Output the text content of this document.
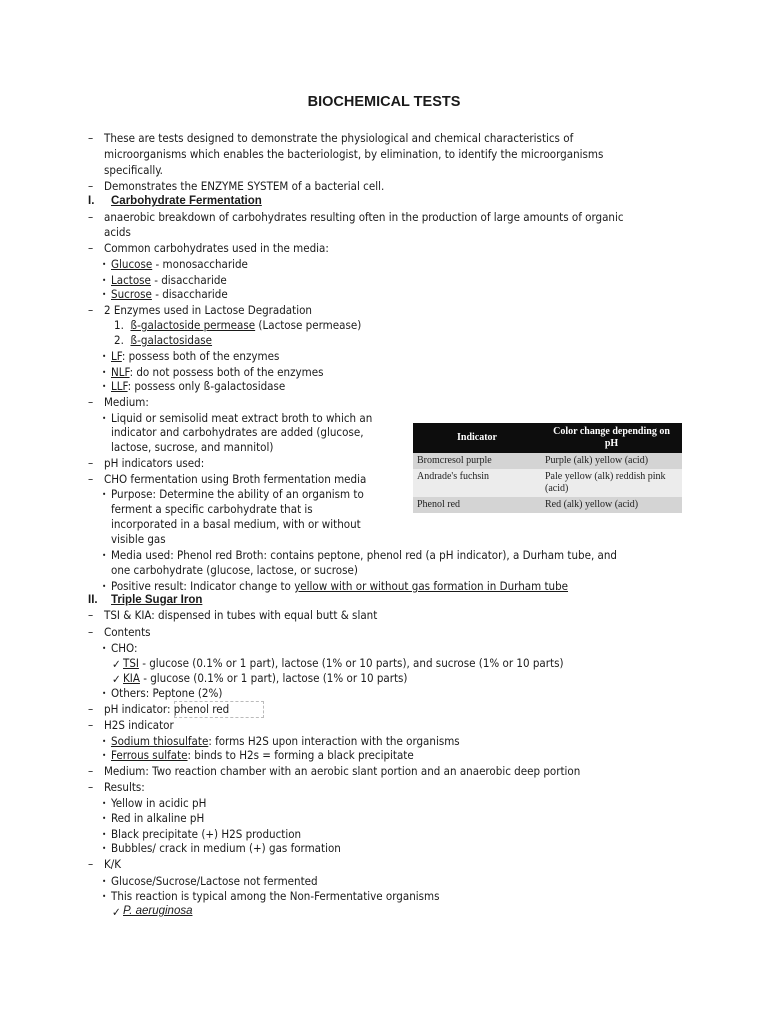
BIOCHEMICAL TESTS
– These are tests designed to demonstrate the physiological and chemical characteristics of
microorganisms which enables the bacteriologist, by elimination, to identify the microorganisms
specifically.
– Demonstrates the ENZYME SYSTEM of a bacterial cell.
I. Carbohydrate Fermentation
– anaerobic breakdown of carbohydrates resulting often in the production of large amounts of organic
acids
– Common carbohydrates used in the media:
• Glucose - monosaccharide
• Lactose - disaccharide
• Sucrose - disaccharide
– 2 Enzymes used in Lactose Degradation
1. ß-galactoside permease (Lactose permease)
2. ß-galactosidase
• LF: possess both of the enzymes
• NLF: do not possess both of the enzymes
• LLF: possess only ß-galactosidase
– Medium:
• Liquid or semisolid meat extract broth to which an
indicator and carbohydrates are added (glucose,
lactose, sucrose, and mannitol)
– pH indicators used:
– CHO fermentation using Broth fermentation media
• Purpose: Determine the ability of an organism to
ferment a specific carbohydrate that is
incorporated in a basal medium, with or without
visible gas
• Media used: Phenol red Broth: contains peptone, phenol red (a pH indicator), a Durham tube, and
one carbohydrate (glucose, lactose, or sucrose)
• Positive result: Indicator change to yellow with or without gas formation in Durham tube
Indicator	Color change depending on
pH
Bromcresol purple	Purple (alk) yellow (acid)
Andrade's fuchsin	Pale yellow (alk) reddish pink
(acid)
Phenol red	Red (alk) yellow (acid)
II. Triple Sugar Iron
– TSI & KIA: dispensed in tubes with equal butt & slant
– Contents
• CHO:
✓ TSI - glucose (0.1% or 1 part), lactose (1% or 10 parts), and sucrose (1% or 10 parts)
✓ KIA - glucose (0.1% or 1 part), lactose (1% or 10 parts)
• Others: Peptone (2%)
– pH indicator: phenol red
– H2S indicator
• Sodium thiosulfate: forms H2S upon interaction with the organisms
• Ferrous sulfate: binds to H2s = forming a black precipitate
– Medium: Two reaction chamber with an aerobic slant portion and an anaerobic deep portion
– Results:
• Yellow in acidic pH
• Red in alkaline pH
• Black precipitate (+) H2S production
• Bubbles/ crack in medium (+) gas formation
– K/K
• Glucose/Sucrose/Lactose not fermented
• This reaction is typical among the Non-Fermentative organisms
✓ P. aeruginosa
